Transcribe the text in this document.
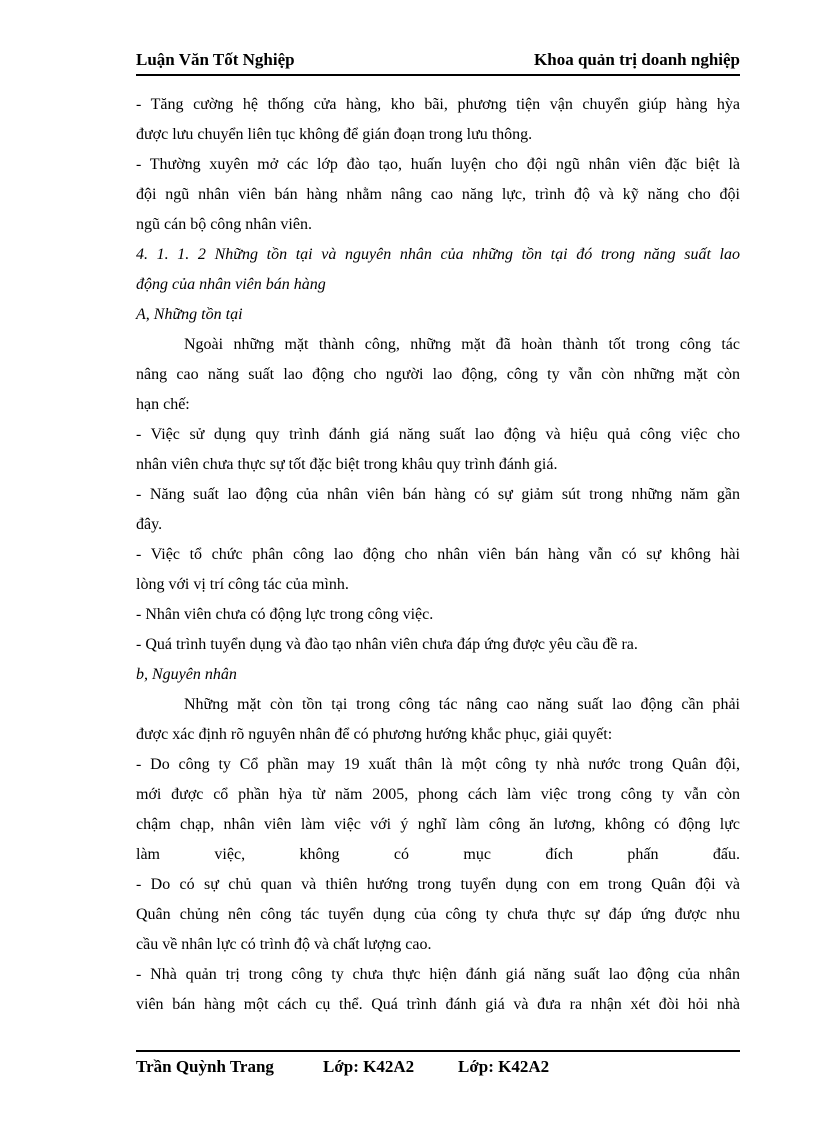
Luận Văn Tốt Nghiệp	Khoa quản trị doanh nghiệp
- Tăng cường hệ thống cửa hàng, kho bãi, phương tiện vận chuyển giúp hàng hỳa
được lưu chuyển liên tục không để gián đoạn trong lưu thông.
- Thường xuyên mở các lớp đào tạo, huấn luyện cho đội ngũ nhân viên đặc biệt là
đội ngũ nhân viên bán hàng nhằm nâng cao năng lực, trình độ và kỹ năng cho đội
ngũ cán bộ công nhân viên.
4. 1. 1. 2 Những tồn tại và nguyên nhân của những tồn tại đó trong năng suất lao
động của nhân viên bán hàng
A, Những tồn tại
Ngoài những mặt thành công, những mặt đã hoàn thành tốt trong công tác
nâng cao năng suất lao động cho người lao động, công ty vẫn còn những mặt còn
hạn chế:
- Việc sử dụng quy trình đánh giá năng suất lao động và hiệu quả công việc cho
nhân viên chưa thực sự tốt đặc biệt trong khâu quy trình đánh giá.
- Năng suất lao động của nhân viên bán hàng có sự giảm sút trong những năm gần
đây.
- Việc tổ chức phân công lao động cho nhân viên bán hàng vẫn có sự không hài
lòng với vị trí công tác của mình.
- Nhân viên chưa có động lực trong công việc.
- Quá trình tuyển dụng và đào tạo nhân viên chưa đáp ứng được yêu cầu đề ra.
b, Nguyên nhân
Những mặt còn tồn tại trong công tác nâng cao năng suất lao động cần phải
được xác định rõ nguyên nhân để có phương hướng khắc phục, giải quyết:
- Do công ty Cổ phần may 19 xuất thân là một công ty nhà nước trong Quân đội,
mới được cổ phần hỳa từ năm 2005, phong cách làm việc trong công ty vẫn còn
chậm chạp, nhân viên làm việc với ý nghĩ làm công ăn lương, không có động lực
làm việc, không có mục đích phấn đấu.
- Do có sự chủ quan và thiên hướng trong tuyển dụng con em trong Quân đội và
Quân chủng nên công tác tuyển dụng của công ty chưa thực sự đáp ứng được nhu
cầu về nhân lực có trình độ và chất lượng cao.
- Nhà quản trị trong công ty chưa thực hiện đánh giá năng suất lao động của nhân
viên bán hàng một cách cụ thể. Quá trình đánh giá và đưa ra nhận xét đòi hỏi nhà
Trần Quỳnh Trang	Lớp: K42A2	Lớp: K42A2
